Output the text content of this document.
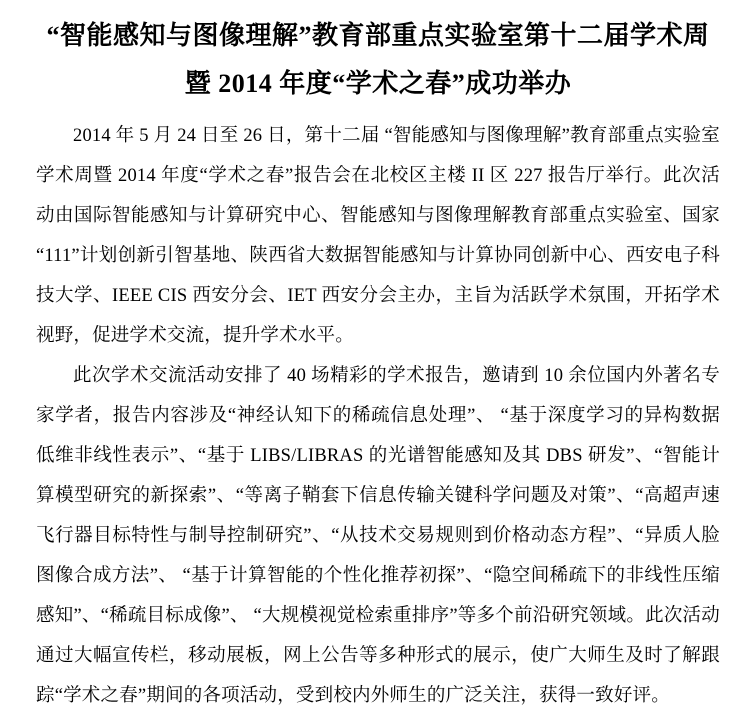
“智能感知与图像理解”教育部重点实验室第十二届学术周暨 2014 年度“学术之春”成功举办

2014 年 5 月 24 日至 26 日，第十二届 “智能感知与图像理解”教育部重点实验室学术周暨 2014 年度“学术之春”报告会在北校区主楼 II 区 227 报告厅举行。此次活动由国际智能感知与计算研究中心、智能感知与图像理解教育部重点实验室、国家“111”计划创新引智基地、陕西省大数据智能感知与计算协同创新中心、西安电子科技大学、IEEE CIS 西安分会、IET 西安分会主办，主旨为活跃学术氛围，开拓学术视野，促进学术交流，提升学术水平。

此次学术交流活动安排了 40 场精彩的学术报告，邀请到 10 余位国内外著名专家学者，报告内容涉及“神经认知下的稀疏信息处理”、 “基于深度学习的异构数据低维非线性表示”、“基于 LIBS/LIBRAS 的光谱智能感知及其 DBS 研发”、“智能计算模型研究的新探索”、“等离子鞘套下信息传输关键科学问题及对策”、“高超声速飞行器目标特性与制导控制研究”、“从技术交易规则到价格动态方程”、“异质人脸图像合成方法”、 “基于计算智能的个性化推荐初探”、“隐空间稀疏下的非线性压缩感知”、“稀疏目标成像”、 “大规模视觉检索重排序”等多个前沿研究领域。此次活动通过大幅宣传栏，移动展板，网上公告等多种形式的展示，使广大师生及时了解跟踪“学术之春”期间的各项活动，受到校内外师生的广泛关注，获得一致好评。
